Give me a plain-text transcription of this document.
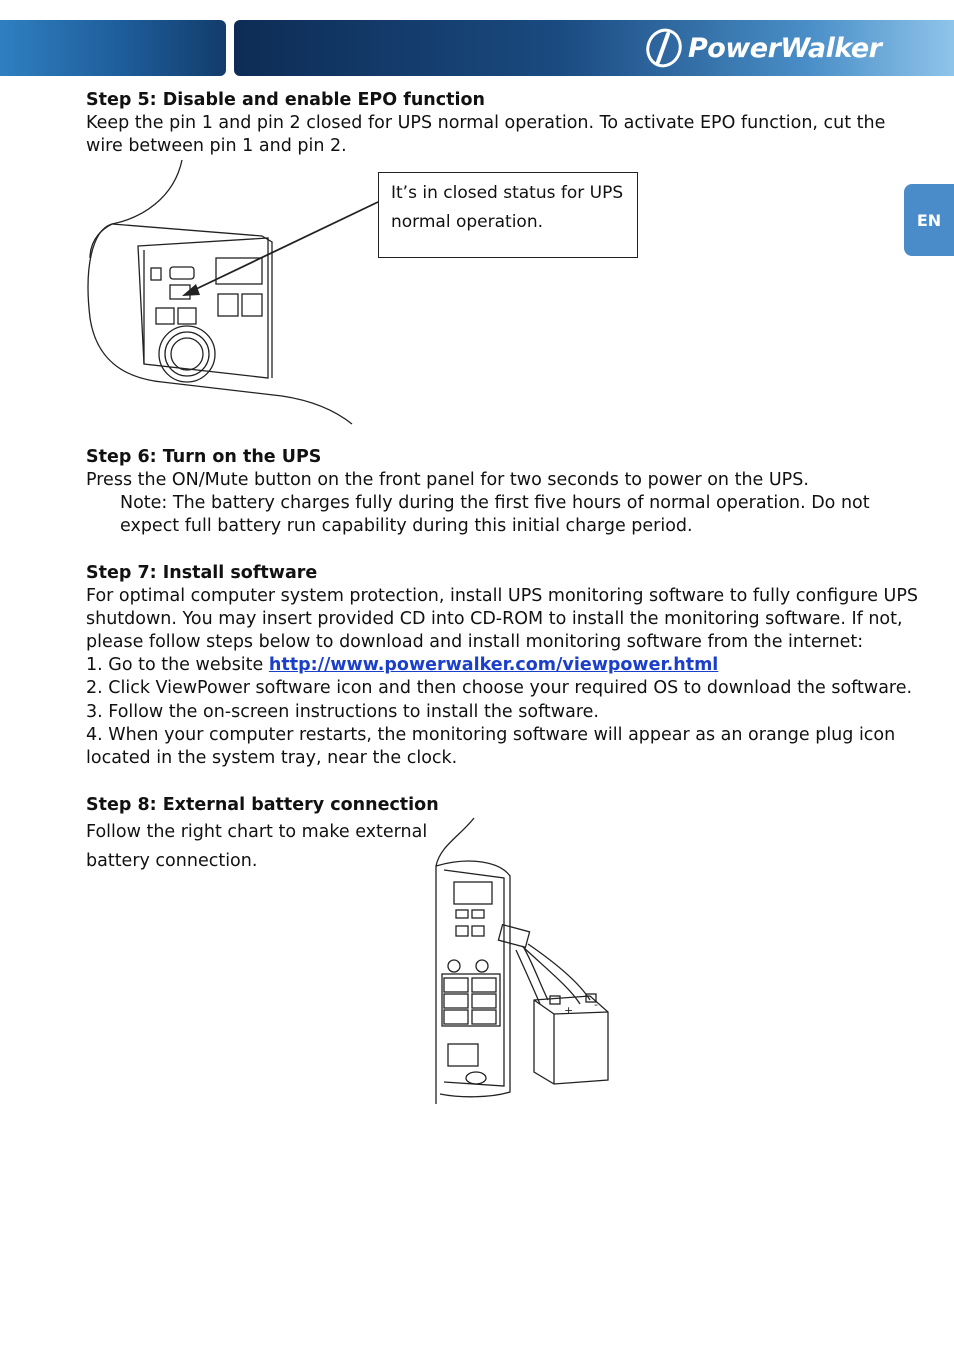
PowerWalker
EN
Step 5: Disable and enable EPO function
Keep the pin 1 and pin 2 closed for UPS normal operation. To activate EPO function, cut the
wire between pin 1 and pin 2.
It’s in closed status for UPS
normal operation.
Step 6: Turn on the UPS
Press the ON/Mute button on the front panel for two seconds to power on the UPS.
Note: The battery charges fully during the first five hours of normal operation. Do not
expect full battery run capability during this initial charge period.
Step 7: Install software
For optimal computer system protection, install UPS monitoring software to fully configure UPS
shutdown. You may insert provided CD into CD-ROM to install the monitoring software. If not,
please follow steps below to download and install monitoring software from the internet:
1. Go to the website http://www.powerwalker.com/viewpower.html
2. Click ViewPower software icon and then choose your required OS to download the software.
3. Follow the on-screen instructions to install the software.
4. When your computer restarts, the monitoring software will appear as an orange plug icon
located in the system tray, near the clock.
Step 8: External battery connection
Follow the right chart to make external
battery connection.
+ -
